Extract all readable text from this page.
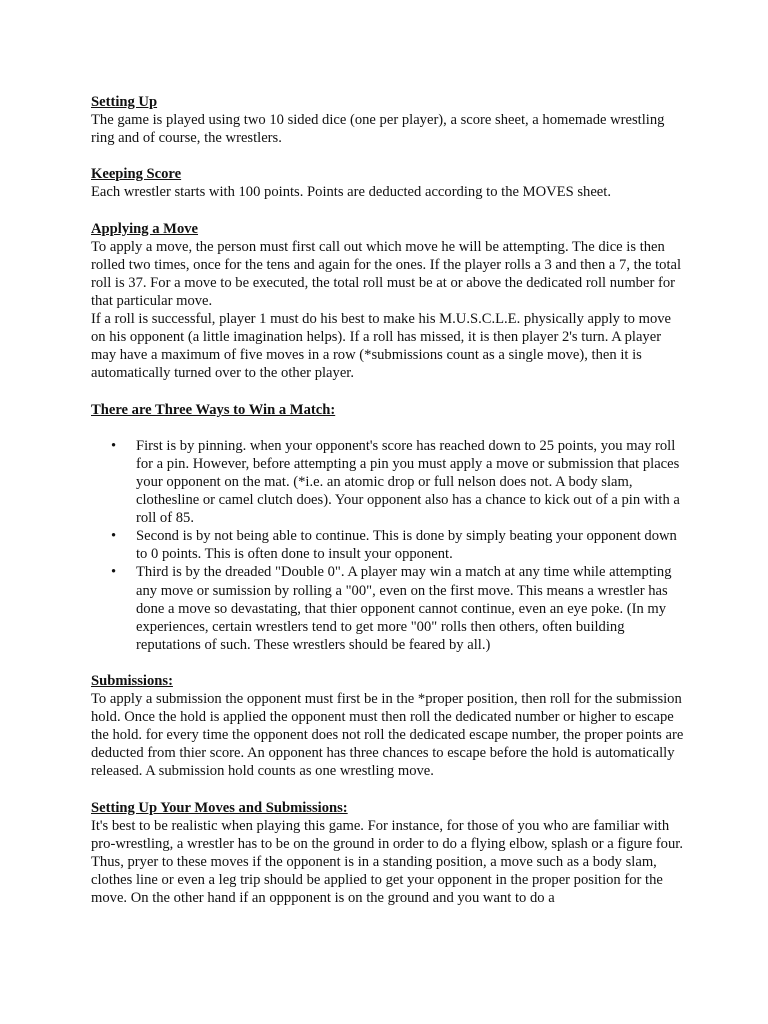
Setting Up

The game is played using two 10 sided dice (one per player), a score sheet, a homemade wrestling ring and of course, the wrestlers.

Keeping Score

Each wrestler starts with 100 points. Points are deducted according to the MOVES sheet.

Applying a Move

To apply a move, the person must first call out which move he will be attempting. The dice is then rolled two times, once for the tens and again for the ones. If the player rolls a 3 and then a 7, the total roll is 37. For a move to be executed, the total roll must be at or above the dedicated roll number for that particular move.

If a roll is successful, player 1 must do his best to make his M.U.S.C.L.E. physically apply to move on his opponent (a little imagination helps). If a roll has missed, it is then player 2's turn. A player may have a maximum of five moves in a row (*submissions count as a single move), then it is automatically turned over to the other player.

There are Three Ways to Win a Match:

• First is by pinning. when your opponent's score has reached down to 25 points, you may roll for a pin. However, before attempting a pin you must apply a move or submission that places your opponent on the mat. (*i.e. an atomic drop or full nelson does not. A body slam, clothesline or camel clutch does). Your opponent also has a chance to kick out of a pin with a roll of 85.
• Second is by not being able to continue. This is done by simply beating your opponent down to 0 points. This is often done to insult your opponent.
• Third is by the dreaded "Double 0". A player may win a match at any time while attempting any move or sumission by rolling a "00", even on the first move. This means a wrestler has done a move so devastating, that thier opponent cannot continue, even an eye poke. (In my experiences, certain wrestlers tend to get more "00" rolls then others, often building reputations of such. These wrestlers should be feared by all.)

Submissions:

To apply a submission the opponent must first be in the *proper position, then roll for the submission hold. Once the hold is applied the opponent must then roll the dedicated number or higher to escape the hold. for every time the opponent does not roll the dedicated escape number, the proper points are deducted from thier score. An opponent has three chances to escape before the hold is automatically released. A submission hold counts as one wrestling move.

Setting Up Your Moves and Submissions:

It's best to be realistic when playing this game. For instance, for those of you who are familiar with pro-wrestling, a wrestler has to be on the ground in order to do a flying elbow, splash or a figure four. Thus, pryer to these moves if the opponent is in a standing position, a move such as a body slam, clothes line or even a leg trip should be applied to get your opponent in the proper position for the move. On the other hand if an oppponent is on the ground and you want to do a
